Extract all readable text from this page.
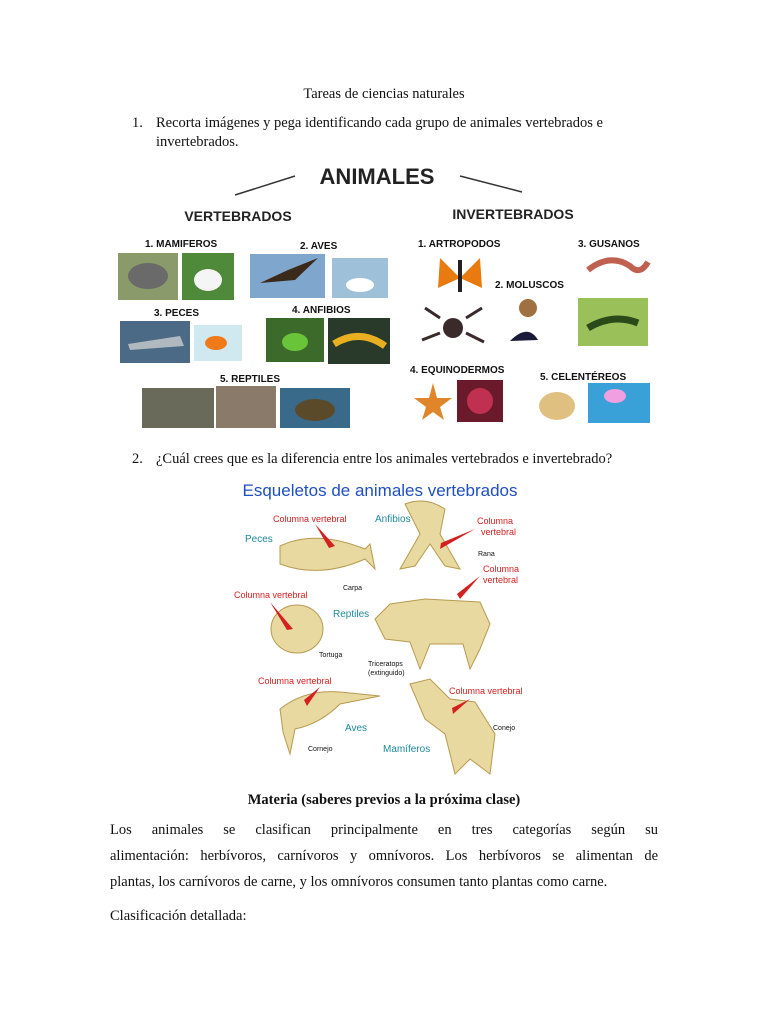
Tareas de ciencias naturales
1. Recorta imágenes y pega identificando cada grupo de animales vertebrados e invertebrados.
ANIMALES
VERTEBRADOS	INVERTEBRADOS
1. MAMIFEROS	2. AVES
3. PECES	4. ANFIBIOS
5. REPTILES
1. ARTROPODOS	3. GUSANOS
2. MOLUSCOS
4. EQUINODERMOS
5. CELENTÉREOS
2. ¿Cuál crees que es la diferencia entre los animales vertebrados e invertebrado?
Esqueletos de animales vertebrados
Columna vertebral	Anfibios	Columna
vertebral
Peces
Rana
Columna
vertebral
Carpa
Columna vertebral
Reptiles
Tortuga
Triceratops
(extinguido)
Columna vertebral
Columna vertebral
Aves	Conejo
Cornejo	Mamíferos
Materia (saberes previos a la próxima clase)
Los animales se clasifican principalmente en tres categorías según su
alimentación: herbívoros, carnívoros y omnívoros. Los herbívoros se alimentan de
plantas, los carnívoros de carne, y los omnívoros consumen tanto plantas como carne.
Clasificación detallada:
